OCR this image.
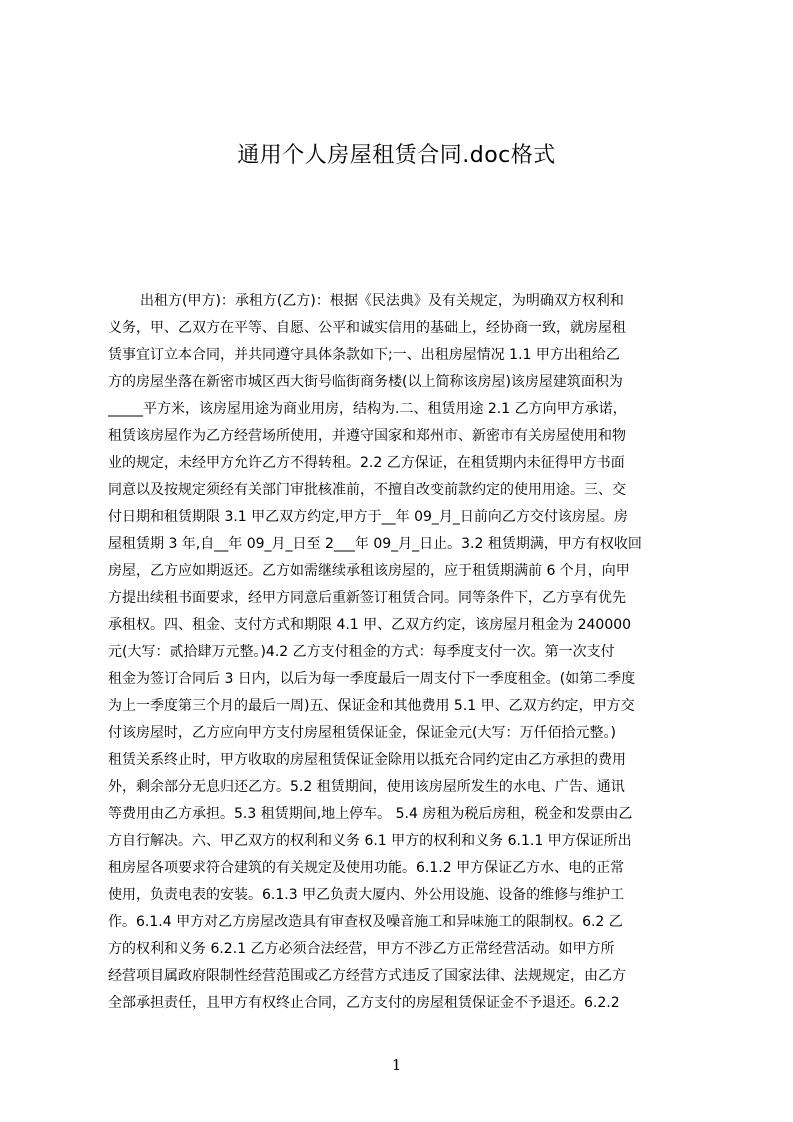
通用个人房屋租赁合同.doc格式
出租方(甲方)：承租方(乙方)：根据《民法典》及有关规定，为明确双方权利和
义务，甲、乙双方在平等、自愿、公平和诚实信用的基础上，经协商一致，就房屋租
赁事宜订立本合同，并共同遵守具体条款如下;一、出租房屋情况 1.1 甲方出租给乙
方的房屋坐落在新密市城区西大街号临街商务楼(以上简称该房屋)该房屋建筑面积为
_____平方米，该房屋用途为商业用房，结构为.二、租赁用途 2.1 乙方向甲方承诺，
租赁该房屋作为乙方经营场所使用，并遵守国家和郑州市、新密市有关房屋使用和物
业的规定，未经甲方允许乙方不得转租。2.2 乙方保证，在租赁期内未征得甲方书面
同意以及按规定须经有关部门审批核准前，不擅自改变前款约定的使用用途。三、交
付日期和租赁期限 3.1 甲乙双方约定,甲方于__年 09_月_日前向乙方交付该房屋。房
屋租赁期 3 年,自__年 09_月_日至 2___年 09_月_日止。3.2 租赁期满，甲方有权收回
房屋，乙方应如期返还。乙方如需继续承租该房屋的，应于租赁期满前 6 个月，向甲
方提出续租书面要求，经甲方同意后重新签订租赁合同。同等条件下，乙方享有优先
承租权。四、租金、支付方式和期限 4.1 甲、乙双方约定，该房屋月租金为 240000
元(大写：贰拾肆万元整。)4.2 乙方支付租金的方式：每季度支付一次。第一次支付
租金为签订合同后 3 日内，以后为每一季度最后一周支付下一季度租金。(如第二季度
为上一季度第三个月的最后一周)五、保证金和其他费用 5.1 甲、乙双方约定，甲方交
付该房屋时，乙方应向甲方支付房屋租赁保证金，保证金元(大写：万仟佰拾元整。)
租赁关系终止时，甲方收取的房屋租赁保证金除用以抵充合同约定由乙方承担的费用
外，剩余部分无息归还乙方。5.2 租赁期间，使用该房屋所发生的水电、广告、通讯
等费用由乙方承担。5.3 租赁期间,地上停车。 5.4 房租为税后房租，税金和发票由乙
方自行解决。六、甲乙双方的权利和义务 6.1 甲方的权利和义务 6.1.1 甲方保证所出
租房屋各项要求符合建筑的有关规定及使用功能。6.1.2 甲方保证乙方水、电的正常
使用，负责电表的安装。6.1.3 甲乙负责大厦内、外公用设施、设备的维修与维护工
作。6.1.4 甲方对乙方房屋改造具有审查权及噪音施工和异味施工的限制权。6.2 乙
方的权利和义务 6.2.1 乙方必须合法经营，甲方不涉乙方正常经营活动。如甲方所
经营项目属政府限制性经营范围或乙方经营方式违反了国家法律、法规规定，由乙方
全部承担责任，且甲方有权终止合同，乙方支付的房屋租赁保证金不予退还。6.2.2
1
